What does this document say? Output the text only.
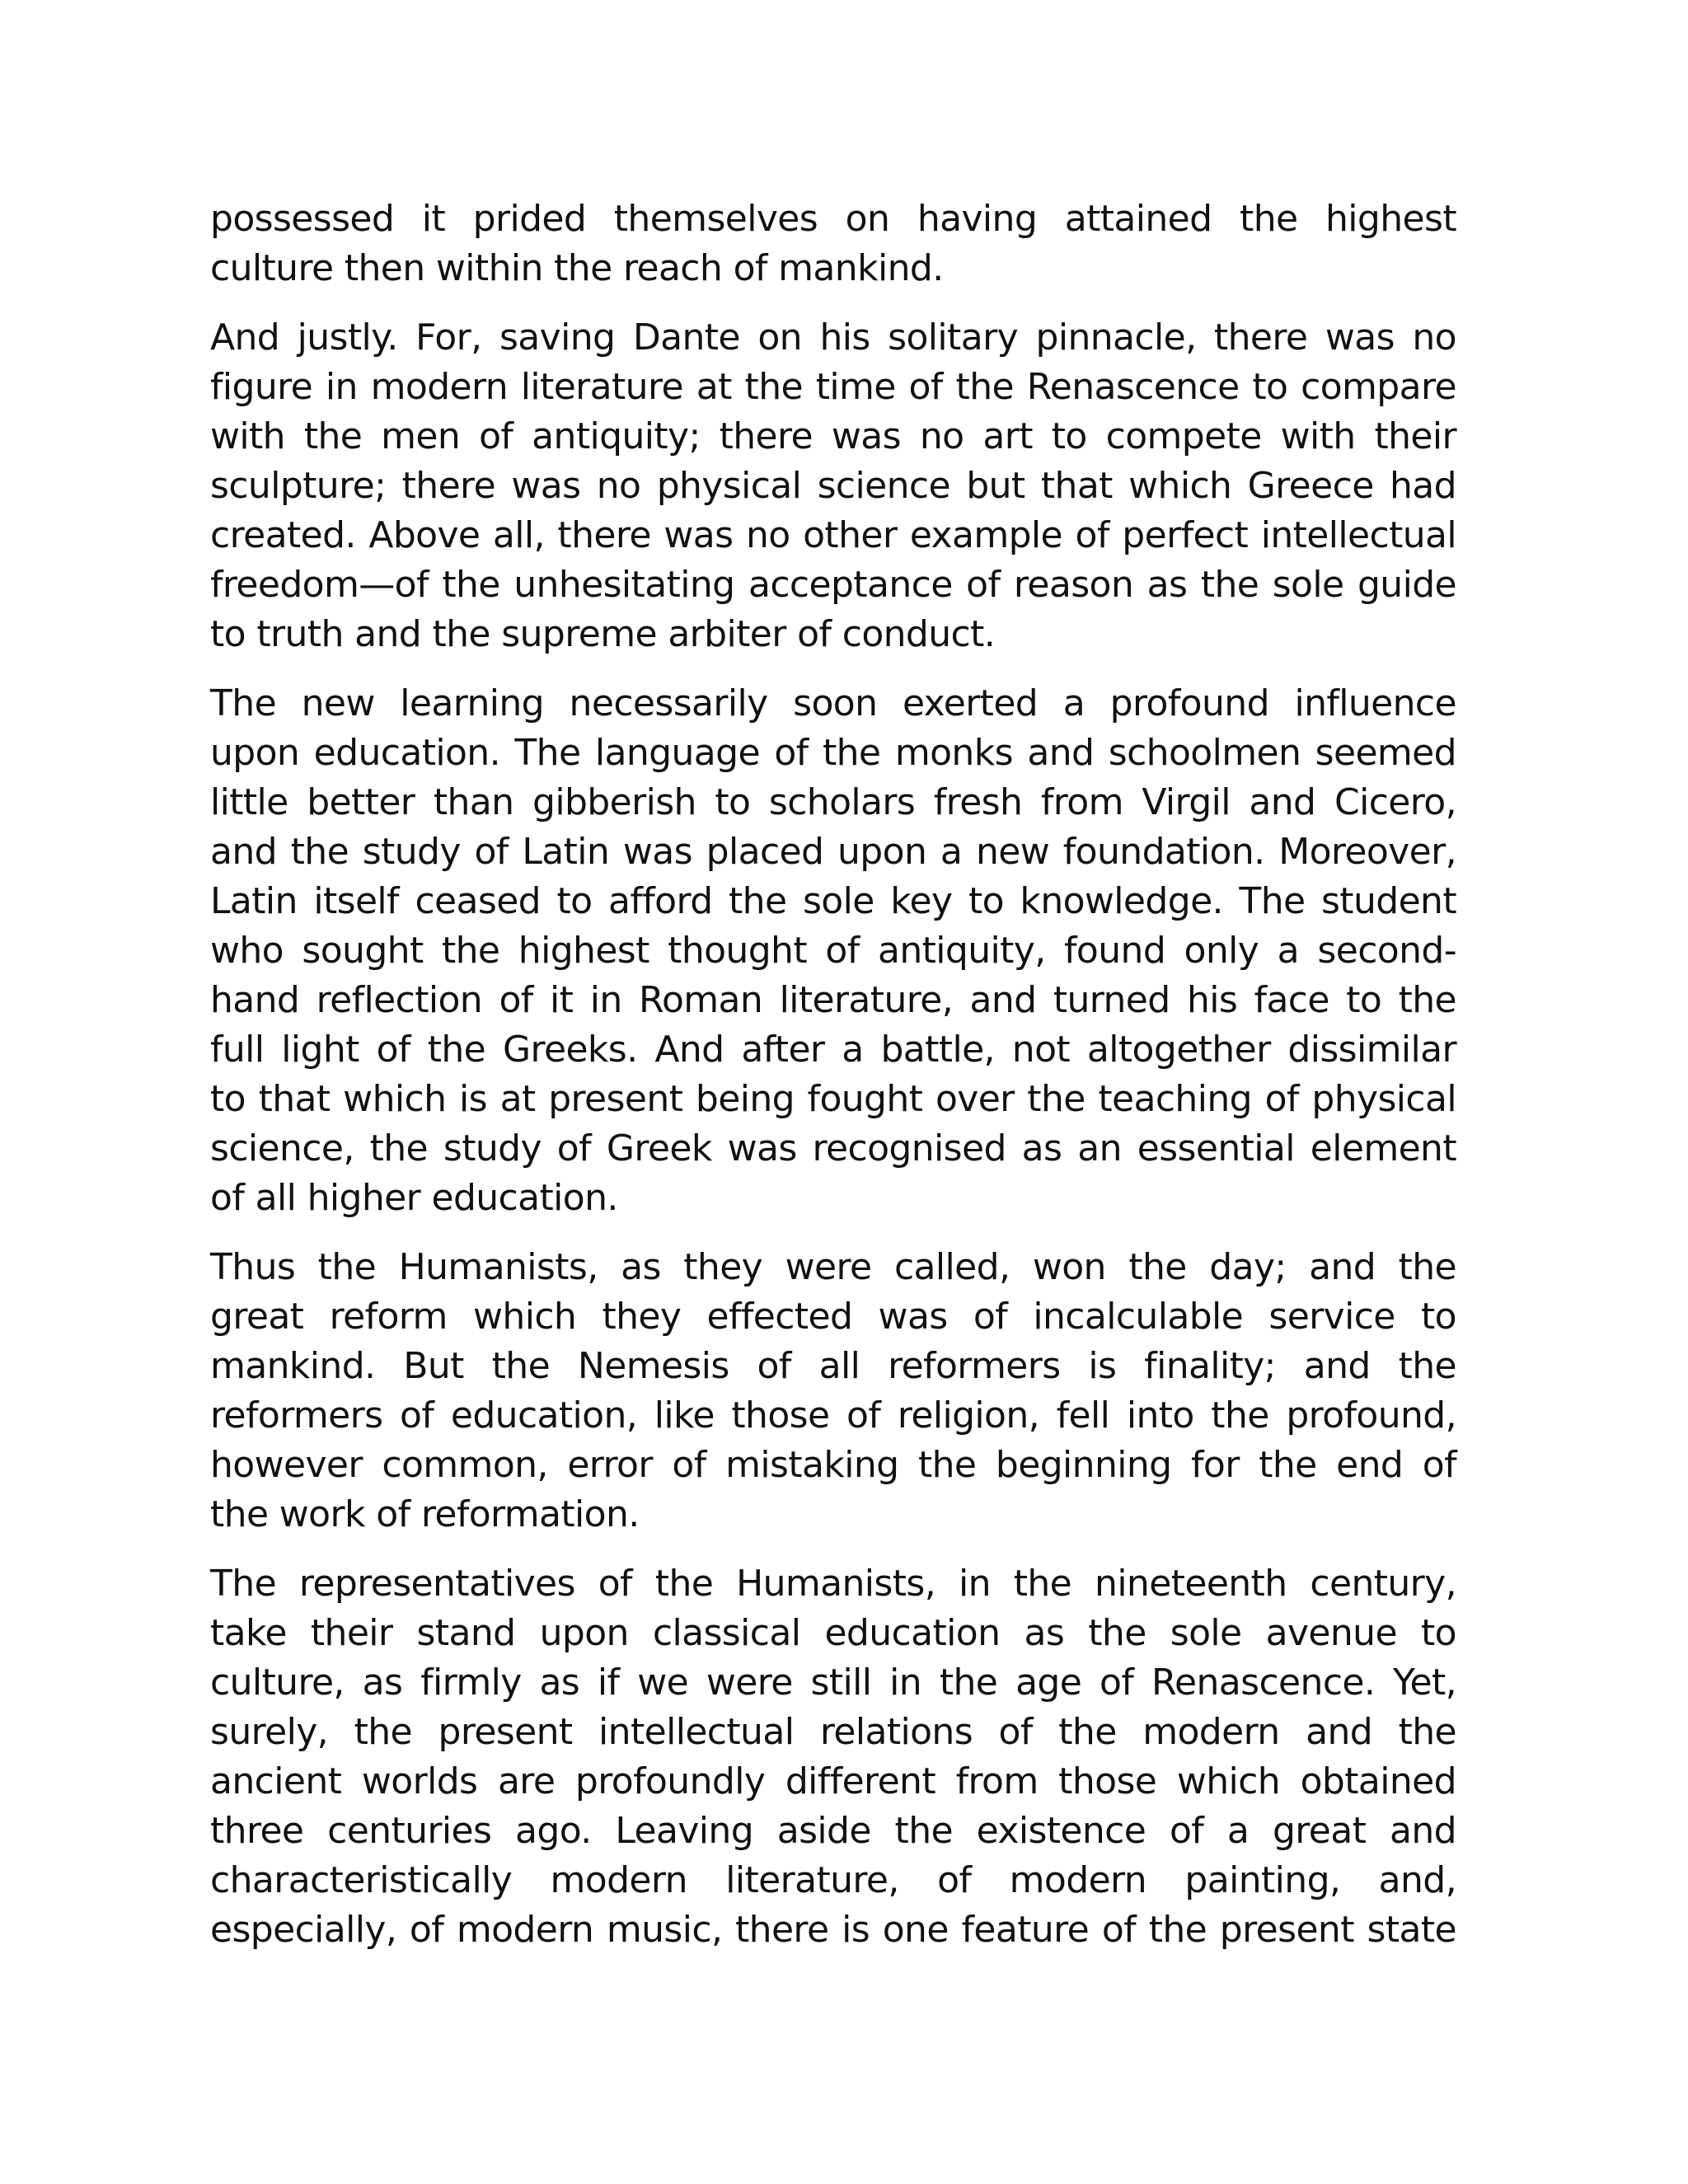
possessed it prided themselves on having attained the highest
culture then within the reach of mankind.
And justly. For, saving Dante on his solitary pinnacle, there was no
figure in modern literature at the time of the Renascence to compare
with the men of antiquity; there was no art to compete with their
sculpture; there was no physical science but that which Greece had
created. Above all, there was no other example of perfect intellectual
freedom—of the unhesitating acceptance of reason as the sole guide
to truth and the supreme arbiter of conduct.
The new learning necessarily soon exerted a profound influence
upon education. The language of the monks and schoolmen seemed
little better than gibberish to scholars fresh from Virgil and Cicero,
and the study of Latin was placed upon a new foundation. Moreover,
Latin itself ceased to afford the sole key to knowledge. The student
who sought the highest thought of antiquity, found only a second-
hand reflection of it in Roman literature, and turned his face to the
full light of the Greeks. And after a battle, not altogether dissimilar
to that which is at present being fought over the teaching of physical
science, the study of Greek was recognised as an essential element
of all higher education.
Thus the Humanists, as they were called, won the day; and the
great reform which they effected was of incalculable service to
mankind. But the Nemesis of all reformers is finality; and the
reformers of education, like those of religion, fell into the profound,
however common, error of mistaking the beginning for the end of
the work of reformation.
The representatives of the Humanists, in the nineteenth century,
take their stand upon classical education as the sole avenue to
culture, as firmly as if we were still in the age of Renascence. Yet,
surely, the present intellectual relations of the modern and the
ancient worlds are profoundly different from those which obtained
three centuries ago. Leaving aside the existence of a great and
characteristically modern literature, of modern painting, and,
especially, of modern music, there is one feature of the present state
